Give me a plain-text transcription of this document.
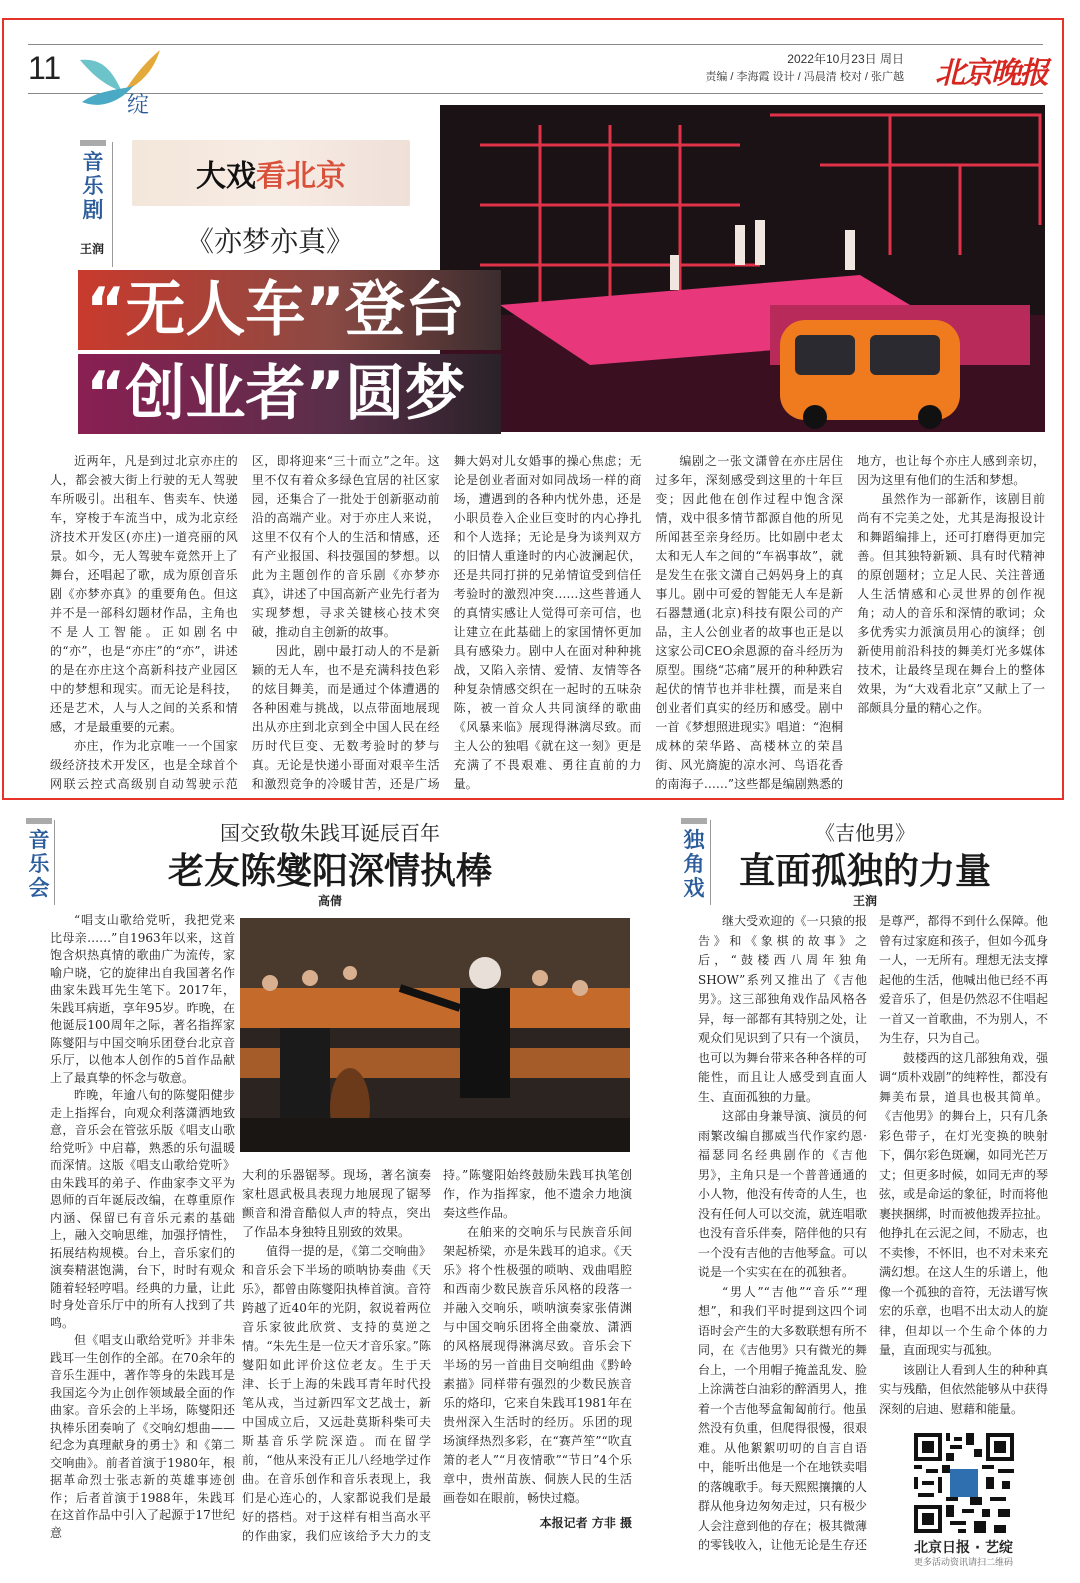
11
绽
2022年10月23日 周日
责编 / 李海霞 设计 / 冯晨清 校对 / 张广越 北京晚报
音乐剧
王润
大戏 看北京
《亦梦亦真》
“无人车”登台
“创业者”圆梦

近两年，凡是到过北京亦庄的人，都会被大街上行驶的无人驾驶车所吸引。出租车、售卖车、快递车，穿梭于车流当中，成为北京经济技术开发区(亦庄)一道亮丽的风景。如今，无人驾驶车竟然开上了舞台，还唱起了歌，成为原创音乐剧《亦梦亦真》的重要角色。但这并不是一部科幻题材作品，主角也不是人工智能。正如剧名中的“亦”，也是“亦庄”的“亦”，讲述的是在亦庄这个高新科技产业园区中的梦想和现实。而无论是科技，还是艺术，人与人之间的关系和情感，才是最重要的元素。

亦庄，作为北京唯一一个国家级经济技术开发区，也是全球首个网联云控式高级别自动驾驶示范区，即将迎来“三十而立”之年。这里不仅有着众多绿色宜居的社区家园，还集合了一批处于创新驱动前沿的高端产业。对于亦庄人来说，这里不仅有个人的生活和情感，还有产业报国、科技强国的梦想。以此为主题创作的音乐剧《亦梦亦真》，讲述了中国高新产业先行者为实现梦想，寻求关键核心技术突破，推动自主创新的故事。

因此，剧中最打动人的不是新颖的无人车，也不是充满科技色彩的炫目舞美，而是通过个体遭遇的各种困难与挑战，以点带面地展现出从亦庄到北京到全中国人民在经历时代巨变、无数考验时的梦与真。无论是快递小哥面对艰辛生活和激烈竞争的冷暖甘苦，还是广场舞大妈对儿女婚事的操心焦虑；无论是创业者面对如同战场一样的商场，遭遇到的各种内忧外患，还是小职员卷入企业巨变时的内心挣扎和个人选择；无论是身为谈判双方的旧情人重逢时的内心波澜起伏，还是共同打拼的兄弟情谊受到信任考验时的激烈冲突……这些普通人的真情实感让人觉得可亲可信，也让建立在此基础上的家国情怀更加具有感染力。剧中人在面对种种挑战，又陷入亲情、爱情、友情等各种复杂情感交织在一起时的五味杂陈，被一首众人共同演绎的歌曲《风暴来临》展现得淋漓尽致。而主人公的独唱《就在这一刻》更是充满了不畏艰难、勇往直前的力量。

编剧之一张文潇曾在亦庄居住过多年，深刻感受到这里的十年巨变；因此他在创作过程中饱含深情，戏中很多情节都源自他的所见所闻甚至亲身经历。比如剧中老太太和无人车之间的“车祸事故”，就是发生在张文潇自己妈妈身上的真事儿。剧中可爱的智能无人车是新石器慧通(北京)科技有限公司的产品，主人公创业者的故事也正是以这家公司CEO余恩源的奋斗经历为原型。围绕“芯痛”展开的种种跌宕起伏的情节也并非杜撰，而是来自创业者们真实的经历和感受。剧中一首《梦想照进现实》唱道：“泡桐成林的荣华路、高楼林立的荣昌街、风光旖旎的凉水河、鸟语花香的南海子……”这些都是编剧熟悉的地方，也让每个亦庄人感到亲切，因为这里有他们的生活和梦想。

虽然作为一部新作，该剧目前尚有不完美之处，尤其是海报设计和舞蹈编排上，还可打磨得更加完善。但其独特新颖、具有时代精神的原创题材；立足人民、关注普通人生活情感和心灵世界的创作视角；动人的音乐和深情的歌词；众多优秀实力派演员用心的演绎；创新使用前沿科技的舞美灯光多媒体技术，让最终呈现在舞台上的整体效果，为“大戏看北京”又献上了一部颇具分量的精心之作。

音乐会
国交致敬朱践耳诞辰百年
老友陈燮阳深情执棒
高倩

“唱支山歌给党听，我把党来比母亲……”自1963年以来，这首饱含炽热真情的歌曲广为流传，家喻户晓，它的旋律出自我国著名作曲家朱践耳先生笔下。2017年，朱践耳病逝，享年95岁。昨晚，在他诞辰100周年之际，著名指挥家陈燮阳与中国交响乐团登台北京音乐厅，以他本人创作的5首作品献上了最真挚的怀念与敬意。

昨晚，年逾八旬的陈燮阳健步走上指挥台，向观众利落潇洒地致意，音乐会在管弦乐版《唱支山歌给党听》中启幕，熟悉的乐句温暖而深情。这版《唱支山歌给党听》由朱践耳的弟子、作曲家李文平为恩师的百年诞辰改编，在尊重原作内涵、保留已有音乐元素的基础上，融入交响思维，加强抒情性，拓展结构规模。台上，音乐家们的演奏精湛饱满，台下，时时有观众随着轻轻哼唱。经典的力量，让此时身处音乐厅中的所有人找到了共鸣。

但《唱支山歌给党听》并非朱践耳一生创作的全部。在70余年的音乐生涯中，著作等身的朱践耳是我国迄今为止创作领域最全面的作曲家。音乐会的上半场，陈燮阳还执棒乐团奏响了《交响幻想曲——纪念为真理献身的勇士》和《第二交响曲》。前者首演于1980年，根据革命烈士张志新的英雄事迹创作；后者首演于1988年，朱践耳在这首作品中引入了起源于17世纪意

大利的乐器锯琴。现场，著名演奏家杜恩武极具表现力地展现了锯琴颤音和滑音酷似人声的特点，突出了作品本身独特且别致的效果。

值得一提的是，《第二交响曲》和音乐会下半场的唢呐协奏曲《天乐》，都曾由陈燮阳执棒首演。音符跨越了近40年的光阴，叙说着两位音乐家彼此欣赏、支持的莫逆之情。“朱先生是一位天才音乐家。”陈燮阳如此评价这位老友。生于天津、长于上海的朱践耳青年时代投笔从戎，当过新四军文艺战士，新中国成立后，又远赴莫斯科柴可夫斯基音乐学院深造。而在留学前，“他从来没有正儿八经地学过作曲。在音乐创作和音乐表现上，我们是心连心的，人家都说我们是最好的搭档。对于这样有相当高水平的作曲家，我们应该给予大力的支持。”陈燮阳始终鼓励朱践耳执笔创作，作为指挥家，他不遗余力地演奏这些作品。

在舶来的交响乐与民族音乐间架起桥梁，亦是朱践耳的追求。《天乐》将个性极强的唢呐、戏曲唱腔和西南少数民族音乐风格的段落一并融入交响乐，唢呐演奏家张倩渊与中国交响乐团将全曲豪放、潇洒的风格展现得淋漓尽致。音乐会下半场的另一首曲目交响组曲《黔岭素描》同样带有强烈的少数民族音乐的烙印，它来自朱践耳1981年在贵州深入生活时的经历。乐团的现场演绎热烈多彩，在“赛芦笙”“吹直箫的老人”“月夜情歌”“节日”4个乐章中，贵州苗族、侗族人民的生活画卷如在眼前，畅快过瘾。

本报记者 方非 摄

独角戏
《吉他男》
直面孤独的力量
王润

继大受欢迎的《一只猿的报告》和《象棋的故事》之后，“鼓楼西八周年独角SHOW”系列又推出了《吉他男》。这三部独角戏作品风格各异，每一部都有其特别之处，让观众们见识到了只有一个演员，也可以为舞台带来各种各样的可能性，而且让人感受到直面人生、直面孤独的力量。

这部由身兼导演、演员的何雨繁改编自挪威当代作家约恩·福瑟同名经典剧作的《吉他男》，主角只是一个普普通通的小人物，他没有传奇的人生，也没有任何人可以交流，就连唱歌也没有音乐伴奏，陪伴他的只有一个没有吉他的吉他琴盒。可以说是一个实实在在的孤独者。

“男人”“吉他”“音乐”“理想”，和我们平时提到这四个词语时会产生的大多数联想有所不同，在《吉他男》只有微光的舞台上，一个用帽子掩盖乱发、脸上涂满苍白油彩的醉酒男人，推着一个吉他琴盒匍匐前行。他虽然没有负重，但爬得很慢，很艰难。从他絮絮叨叨的自言自语中，能听出他是一个在地铁卖唱的落魄歌手。每天熙熙攘攘的人群从他身边匆匆走过，只有极少人会注意到他的存在；极其微薄的零钱收入，让他无论是生存还是尊严，都得不到什么保障。他曾有过家庭和孩子，但如今孤身一人，一无所有。理想无法支撑起他的生活，他喊出他已经不再爱音乐了，但是仍然忍不住唱起一首又一首歌曲，不为别人，不为生存，只为自己。

鼓楼西的这几部独角戏，强调“质朴戏剧”的纯粹性，都没有舞美布景，道具也极其简单。《吉他男》的舞台上，只有几条彩色带子，在灯光变换的映射下，偶尔彩色斑斓，如同光芒万丈；但更多时候，如同无声的琴弦，或是命运的象征，时而将他裹挟捆绑，时而被他拨弄拉扯。他挣扎在云泥之间，不励志，也不卖惨，不怀旧，也不对未来充满幻想。在这人生的乐谱上，他像一个孤独的音符，无法谱写恢宏的乐章，也唱不出太动人的旋律，但却以一个生命个体的力量，直面现实与孤独。

该剧让人看到人生的种种真实与残酷，但依然能够从中获得深刻的启迪、慰藉和能量。

北京日报 · 艺绽
更多活动资讯请扫二维码
